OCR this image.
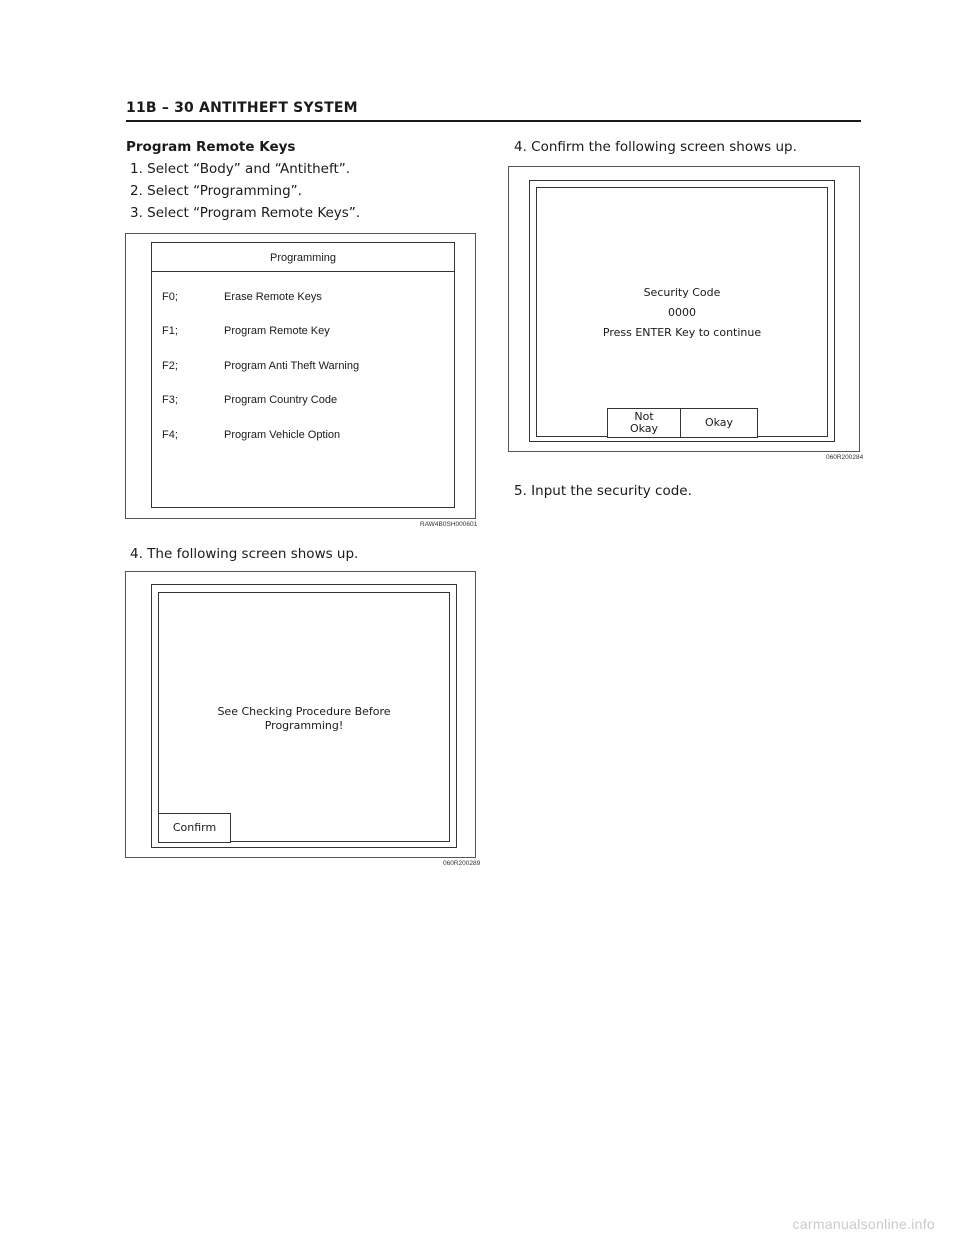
11B – 30 ANTITHEFT SYSTEM
Program Remote Keys
1. Select “Body” and “Antitheft”.
2. Select “Programming”.
3. Select “Program Remote Keys”.
Programming
F0;	Erase Remote Keys
F1;	Program Remote Key
F2;	Program Anti Theft Warning
F3;	Program Country Code
F4;	Program Vehicle Option
RAW4B0SH000601
4. The following screen shows up.
See Checking Procedure Before
Programming!
Confirm
060R200289
4. Confirm the following screen shows up.
Security Code
0000
Press ENTER Key to continue
Not
Okay	Okay
060R200284
5. Input the security code.
carmanualsonline.info
